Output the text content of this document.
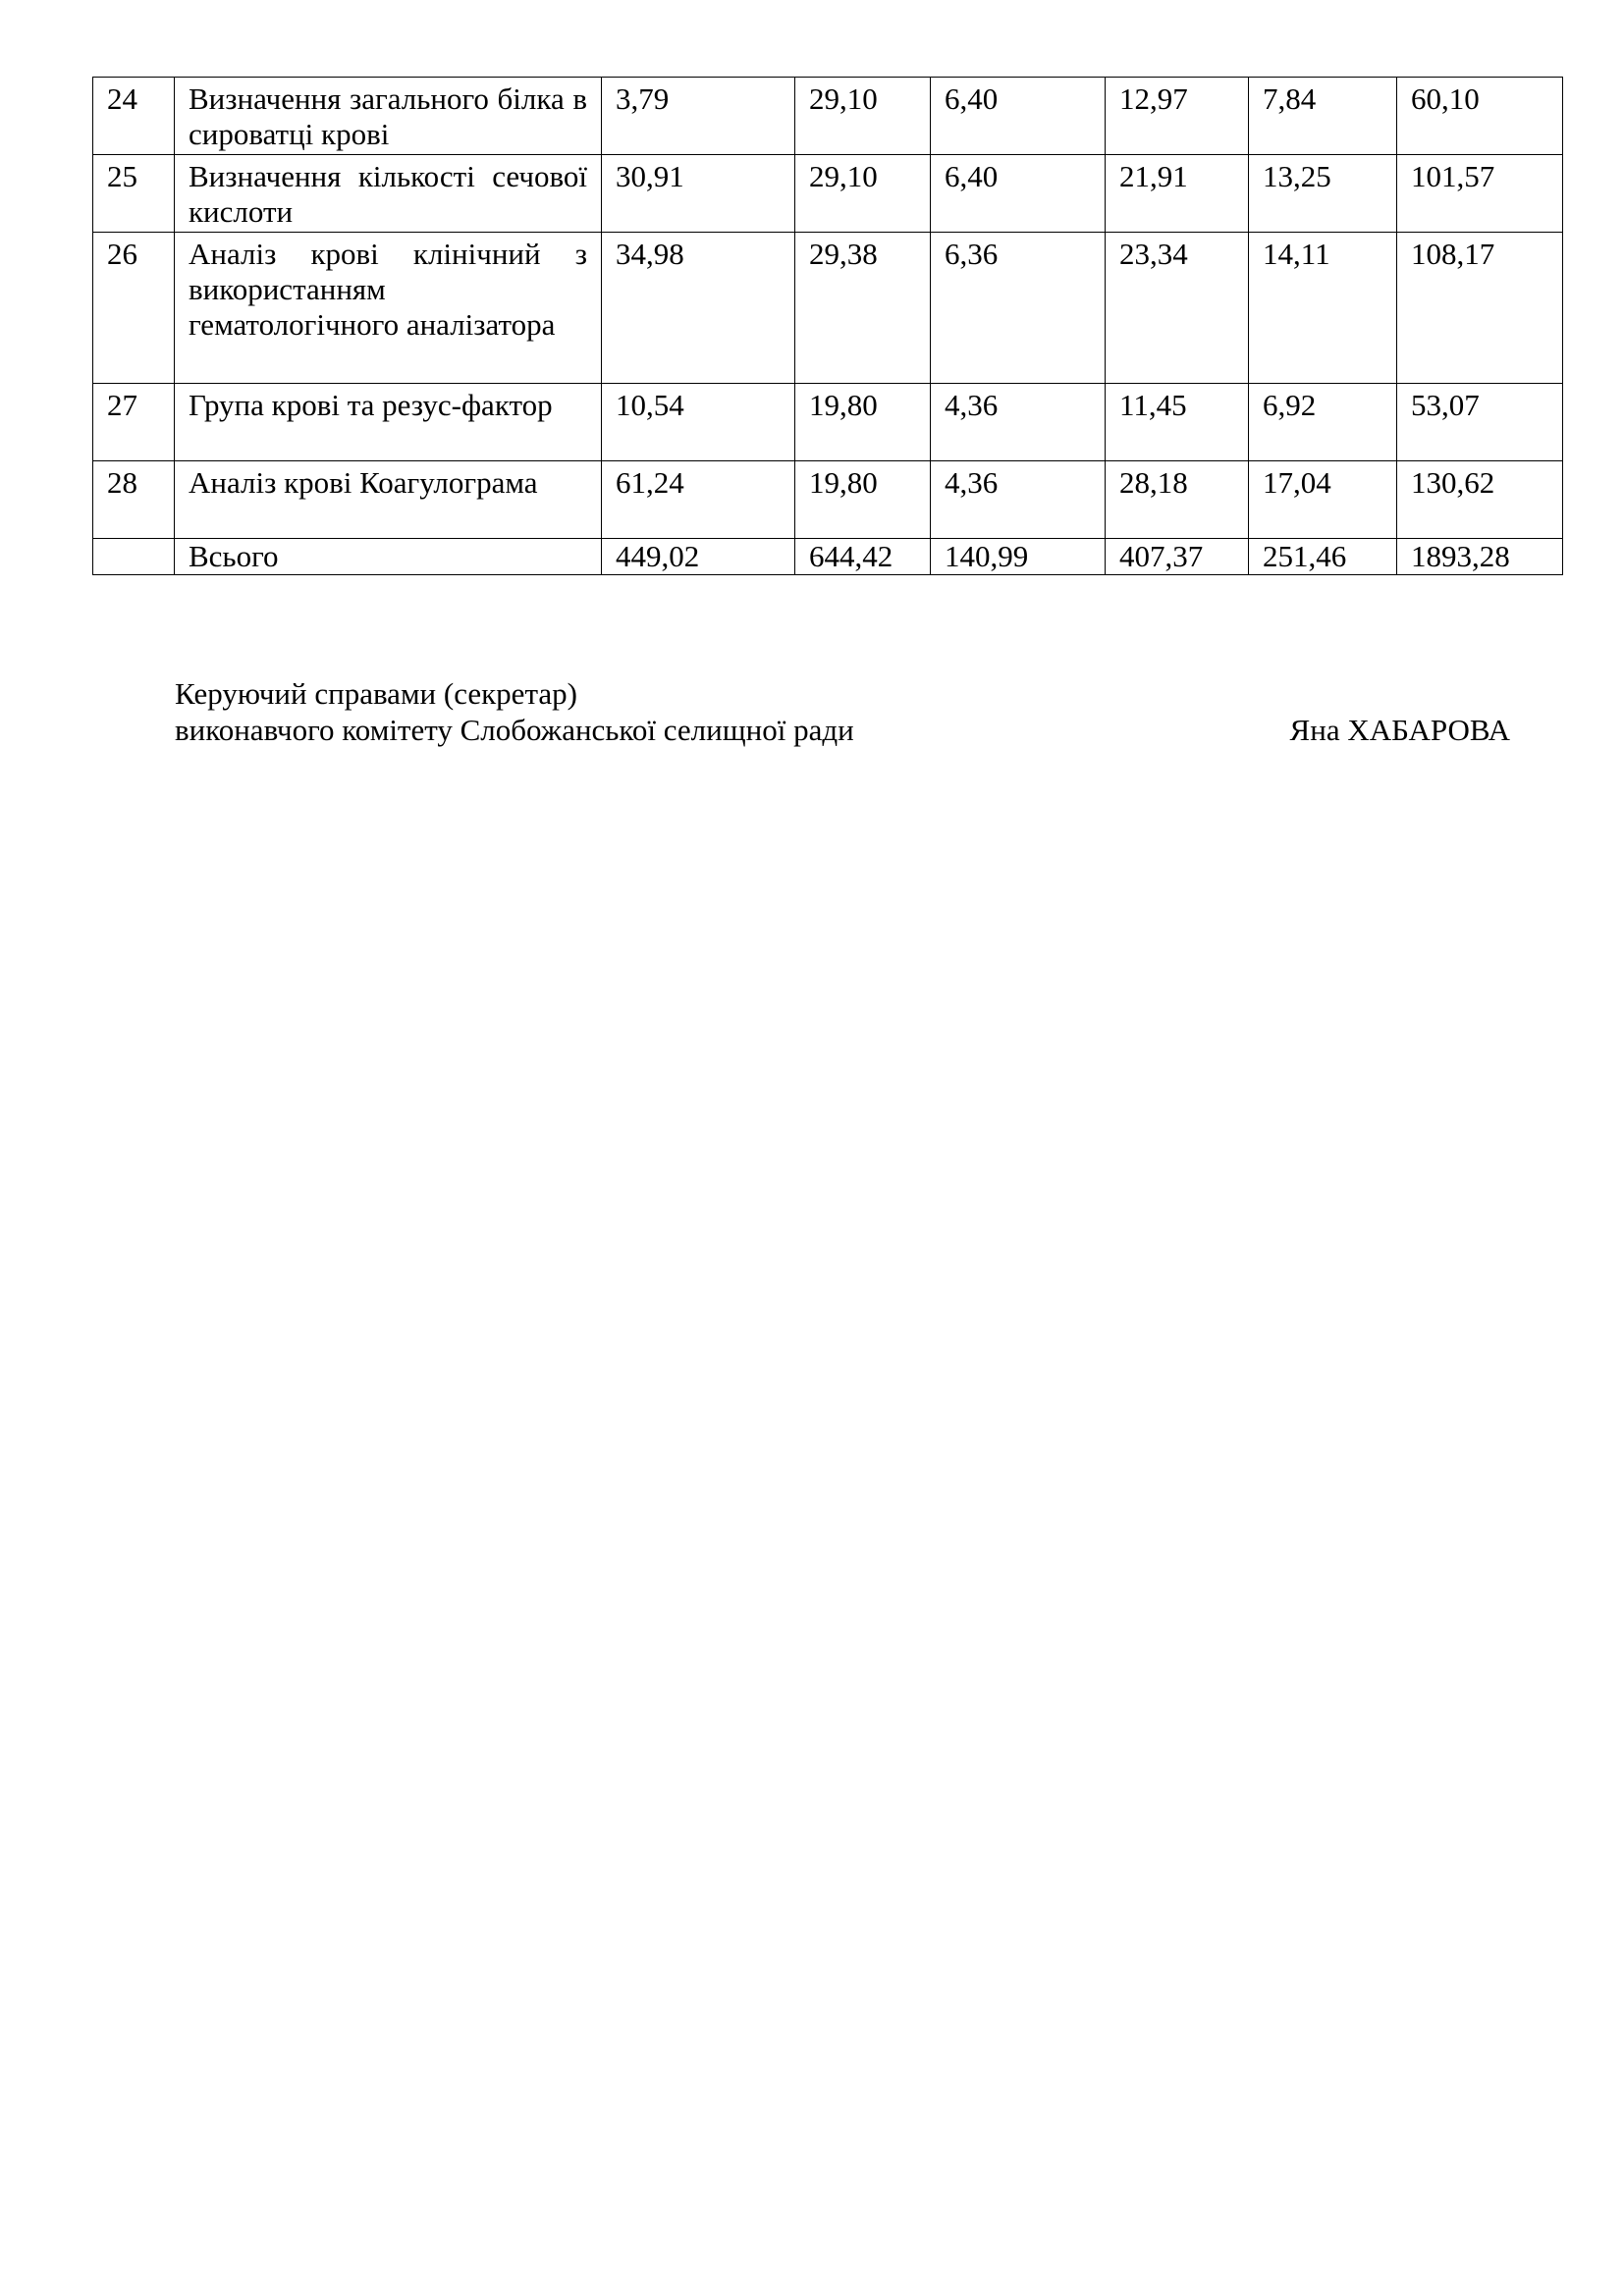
24	Визначення загального білка в сироватці крові	3,79	29,10	6,40	12,97	7,84	60,10
25	Визначення кількості сечової кислоти	30,91	29,10	6,40	21,91	13,25	101,57
26	Аналіз крові клінічний з використанням гематологічного аналізатора	34,98	29,38	6,36	23,34	14,11	108,17
27	Група крові та резус-фактор	10,54	19,80	4,36	11,45	6,92	53,07
28	Аналіз крові Коагулограма	61,24	19,80	4,36	28,18	17,04	130,62
	Всього	449,02	644,42	140,99	407,37	251,46	1893,28
Керуючий справами (секретар)
виконавчого комітету Слобожанської селищної ради	Яна ХАБАРОВА
